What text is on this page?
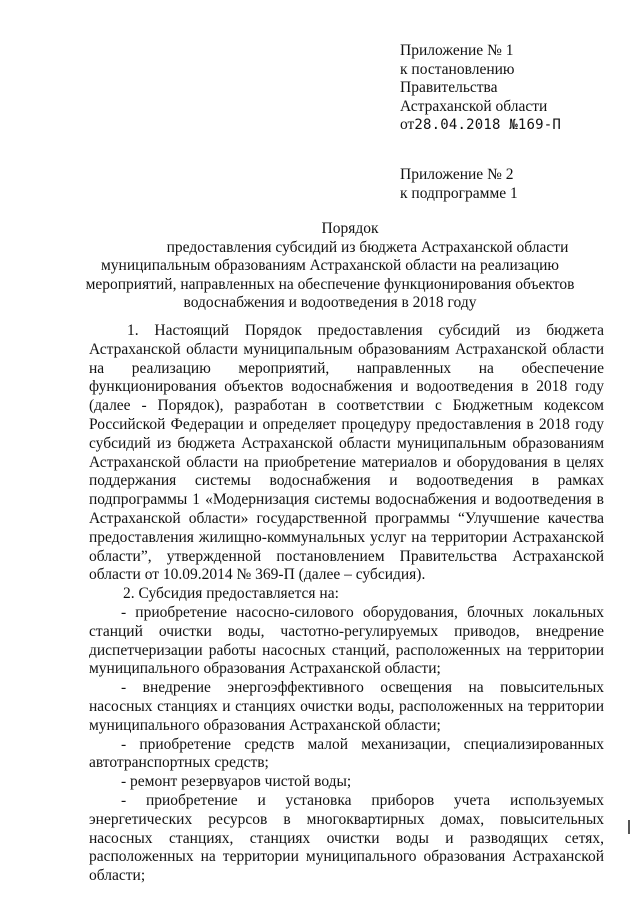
Приложение № 1
к постановлению
Правительства
Астраханской области
от28.04.2018 №169-П
Приложение № 2
к подпрограмме 1
Порядок
предоставления субсидий из бюджета Астраханской области
муниципальным образованиям Астраханской области на реализацию
мероприятий, направленных на обеспечение функционирования объектов
водоснабжения и водоотведения в 2018 году

1. Настоящий Порядок предоставления субсидий из бюджета Астраханской области муниципальным образованиям Астраханской области на реализацию мероприятий, направленных на обеспечение функционирования объектов водоснабжения и водоотведения в 2018 году (далее - Порядок), разработан в соответствии с Бюджетным кодексом Российской Федерации и определяет процедуру предоставления в 2018 году субсидий из бюджета Астраханской области муниципальным образованиям Астраханской области на приобретение материалов и оборудования в целях поддержания системы водоснабжения и водоотведения в рамках подпрограммы 1 «Модернизация системы водоснабжения и водоотведения в Астраханской области» государственной программы “Улучшение качества предоставления жилищно-коммунальных услуг на территории Астраханской области”, утвержденной постановлением Правительства Астраханской области от 10.09.2014 № 369-П (далее – субсидия).

2. Субсидия предоставляется на:

- приобретение насосно-силового оборудования, блочных локальных станций очистки воды, частотно-регулируемых приводов, внедрение диспетчеризации работы насосных станций, расположенных на территории муниципального образования Астраханской области;

- внедрение энергоэффективного освещения на повысительных насосных станциях и станциях очистки воды, расположенных на территории муниципального образования Астраханской области;

- приобретение средств малой механизации, специализированных автотранспортных средств;

- ремонт резервуаров чистой воды;

- приобретение и установка приборов учета используемых энергетических ресурсов в многоквартирных домах, повысительных насосных станциях, станциях очистки воды и разводящих сетях, расположенных на территории муниципального образования Астраханской области;
